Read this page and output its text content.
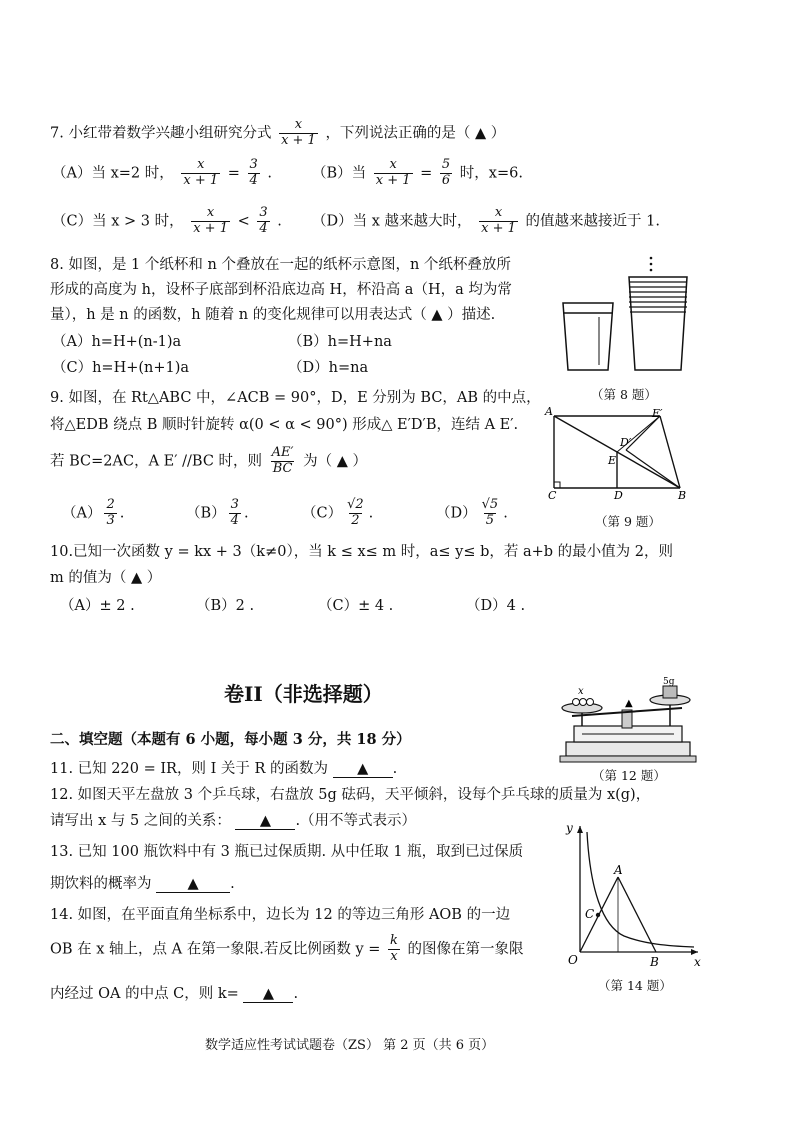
7. 小红带着数学兴趣小组研究分式 $\frac{x}{x + 1}$ ，下列说法正确的是（ ▲ ）
（A）当 x=2 时， $\frac{x}{x + 1} = \frac{3}{4}$ .	（B）当 $\frac{x}{x + 1} = \frac{5}{6}$ 时，x=6.
（C）当 x > 3 时， $\frac{x}{x + 1} < \frac{3}{4}$ . （D）当 x 越来越大时， $\frac{x}{x + 1}$ 的值越来越接近于 1.
8. 如图，是 1 个纸杯和 n 个叠放在一起的纸杯示意图，n 个纸杯叠放所
形成的高度为 h，设杯子底部到杯沿底边高 H，杯沿高 a（H，a 均为常
量），h 是 n 的函数，h 随着 n 的变化规律可以用表达式（ ▲ ）描述.
（A）h=H+(n-1)a	（B）h=H+na
（C）h=H+(n+1)a	（D）h=na
（第 8 题）
9. 如图，在 Rt△ABC 中，∠ACB = 90°，D，E 分别为 BC，AB 的中点，
将△EDB 绕点 B 顺时针旋转 α(0 < α < 90°) 形成△ E′D′B，连结 A E′.
若 BC=2AC，A E′ //BC 时，则 $\frac{AE'}{BC}$ 为（ ▲ ）
$(A) \frac{2}{3}$ .	$(B) \frac{3}{4}$ .	$(C) \frac{√2}{2}$ .	$(D) \frac{√5}{5}$ .
A	E′
D′
E
C	D	B
（第 9 题）
10.已知一次函数 y = kx + 3（k≠0），当 k ≤ x≤ m 时，a≤ y≤ b，若 a+b 的最小值为 2，则
m 的值为（ ▲ ）
（A）± 2 .	（B）2 .	（C）± 4 .	（D）4 .
卷II（非选择题）	x
5g
▲
（第 12 题）
二、填空题（本题有 6 小题，每小题 3 分，共 18 分）
11. 已知 220 = IR，则 I 关于 R 的函数为 ▲ .
12. 如图天平左盘放 3 个乒乓球，右盘放 5g 砝码，天平倾斜，设每个乒乓球的质量为 x(g)，
请写出 x 与 5 之间的关系： ▲ .（用不等式表示）
13. 已知 100 瓶饮料中有 3 瓶已过保质期. 从中任取 1 瓶，取到已过保质
期饮料的概率为 ▲ .
14. 如图，在平面直角坐标系中，边长为 12 的等边三角形 AOB 的一边
OB 在 x 轴上，点 A 在第一象限.若反比例函数 $y = \frac{k}{x}$ 的图像在第一象限
内经过 OA 的中点 C，则 k= ▲ .
y
x
O
A
B
C
（第 14 题）
数学适应性考试试题卷（ZS） 第 2 页（共 6 页）
